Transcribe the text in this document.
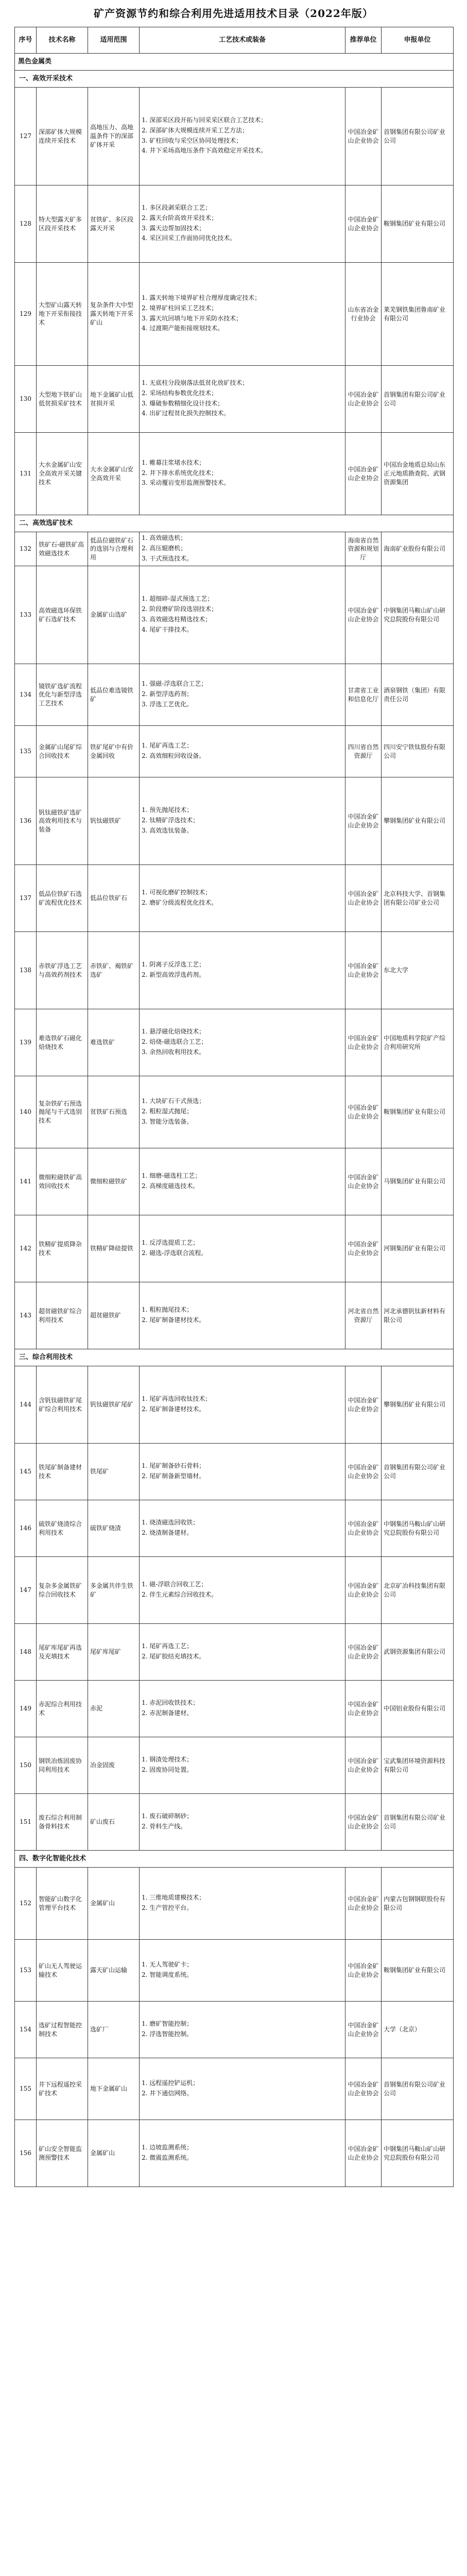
矿产资源节约和综合利用先进适用技术目录（2022年版）
序号	技术名称	适用范围	工艺技术或装备	推荐单位	申报单位
黑色金属类					
一、高效开采技术					
127	深部矿体大规模连续开采技术	高地压力、高地温条件下的深部矿体开采	1. 深部采区段开拓与回采采区联合工艺技术；

2. 深部矿体大规模连续开采工艺方法；

3. 矿柱回收与采空区协同处理技术；

4. 井下采场高地压条件下高效稳定开采技术。	中国冶金矿山企业协会	首钢集团有限公司矿业公司
128	特大型露天矿多区段开采技术	贫铁矿、多区段露天开采	1. 多区段剥采联合工艺；

2. 露天台阶高效开采技术；

3. 露天边帮加固技术；

4. 采区回采工作面协同优化技术。	中国冶金矿山企业协会	鞍钢集团矿业有限公司
129	大型矿山露天转地下开采衔接技术	复杂条件大中型露天转地下开采矿山	1. 露天转地下境界矿柱合理厚度确定技术；

2. 境界矿柱回采工艺技术；

3. 露天坑回填与地下开采防水技术；

4. 过渡期产能衔接规划技术。	山东省冶金行业协会	莱芜钢铁集团鲁南矿业有限公司
130	大型地下铁矿山低贫损采矿技术	地下金属矿山低贫损开采	1. 无底柱分段崩落法低贫化放矿技术；

2. 采场结构参数优化技术；

3. 爆破参数精细化设计技术；

4. 出矿过程贫化损失控制技术。	中国冶金矿山企业协会	首钢集团有限公司矿业公司
131	大水金属矿山安全高效开采关键技术	大水金属矿山安全高效开采	1. 帷幕注浆堵水技术；

2. 井下排水系统优化技术；

3. 采动覆岩变形监测预警技术。	中国冶金矿山企业协会	中国冶金地质总局山东正元地质勘查院、武钢资源集团
二、高效选矿技术					
132	铁矿石-磁铁矿高效磁选技术	低品位磁铁矿石的选别与合理利用	1. 高效磁选机；

2. 高压辊磨机；

3. 干式预选技术。	海南省自然资源和规划厅	海南矿业股份有限公司
133	高效磁选环保铁矿石选矿技术	金属矿山选矿	1. 超细碎-湿式预选工艺；

2. 阶段磨矿阶段选别技术；

3. 高效磁选柱精选技术；

4. 尾矿干排技术。	中国冶金矿山企业协会	中钢集团马鞍山矿山研究总院股份有限公司
134	镜铁矿选矿流程优化与新型浮选工艺技术	低品位难选镜铁矿	1. 强磁-浮选联合工艺；

2. 新型浮选药剂；

3. 浮选工艺优化。	甘肃省工业和信息化厅	酒泉钢铁（集团）有限责任公司
135	金属矿山尾矿综合回收技术	铁矿尾矿中有价金属回收	1. 尾矿再选工艺；

2. 高效细粒回收设备。	四川省自然资源厅	四川安宁铁钛股份有限公司
136	钒钛磁铁矿选矿高效利用技术与装备	钒钛磁铁矿	1. 预先抛尾技术；

2. 钛精矿浮选技术；

3. 高效选钛装备。	中国冶金矿山企业协会	攀钢集团矿业有限公司
137	低品位铁矿石选矿流程优化技术	低品位铁矿石	1. 可视化磨矿控制技术；

2. 磨矿分级流程优化技术。	中国冶金矿山企业协会	北京科技大学、首钢集团有限公司矿业公司
138	赤铁矿浮选工艺与高效药剂技术	赤铁矿、褐铁矿选矿	1. 阴离子反浮选工艺；

2. 新型高效浮选药剂。	中国冶金矿山企业协会	东北大学
139	难选铁矿石磁化焙烧技术	难选铁矿	1. 悬浮磁化焙烧技术；

2. 焙烧-磁选联合工艺；

3. 余热回收利用技术。	中国冶金矿山企业协会	中国地质科学院矿产综合利用研究所
140	复杂铁矿石预选抛尾与干式选别技术	贫铁矿石预选	1. 大块矿石干式预选；

2. 粗粒湿式抛尾；

3. 智能分选装备。	中国冶金矿山企业协会	鞍钢集团矿业有限公司
141	微细粒磁铁矿高效回收技术	微细粒磁铁矿	1. 细磨-磁选柱工艺；

2. 高梯度磁选技术。	中国冶金矿山企业协会	马钢集团矿业有限公司
142	铁精矿提质降杂技术	铁精矿降硅提铁	1. 反浮选提质工艺；

2. 磁选-浮选联合流程。	中国冶金矿山企业协会	河钢集团矿业有限公司
143	超贫磁铁矿综合利用技术	超贫磁铁矿	1. 粗粒抛尾技术；

2. 尾矿制备建材技术。	河北省自然资源厅	河北承德钒钛新材料有限公司
三、综合利用技术					
144	含钒钛磁铁矿尾矿综合利用技术	钒钛磁铁矿尾矿	1. 尾矿再选回收钛技术；

2. 尾矿制备建材技术。	中国冶金矿山企业协会	攀钢集团矿业有限公司
145	铁尾矿制备建材技术	铁尾矿	1. 尾矿制备砂石骨料；

2. 尾矿制备新型墙材。	中国冶金矿山企业协会	首钢集团有限公司矿业公司
146	硫铁矿烧渣综合利用技术	硫铁矿烧渣	1. 烧渣磁选回收铁；

2. 烧渣制备建材。	中国冶金矿山企业协会	中钢集团马鞍山矿山研究总院股份有限公司
147	复杂多金属铁矿综合回收技术	多金属共伴生铁矿	1. 磁-浮联合回收工艺；

2. 伴生元素综合回收技术。	中国冶金矿山企业协会	北京矿冶科技集团有限公司
148	尾矿库尾矿再选及充填技术	尾矿库尾矿	1. 尾矿再选工艺；

2. 尾矿胶结充填技术。	中国冶金矿山企业协会	武钢资源集团有限公司
149	赤泥综合利用技术	赤泥	1. 赤泥回收铁技术；

2. 赤泥制备建材。	中国冶金矿山企业协会	中国铝业股份有限公司
150	钢铁冶炼固废协同利用技术	冶金固废	1. 钢渣处理技术；

2. 固废协同处置。	中国冶金矿山企业协会	宝武集团环境资源科技有限公司
151	废石综合利用制备骨料技术	矿山废石	1. 废石破碎制砂；

2. 骨料生产线。	中国冶金矿山企业协会	首钢集团有限公司矿业公司
四、数字化智能化技术					
152	智能矿山数字化管理平台技术	金属矿山	1. 三维地质建模技术；

2. 生产管控平台。	中国冶金矿山企业协会	内蒙古包钢钢联股份有限公司
153	矿山无人驾驶运输技术	露天矿山运输	1. 无人驾驶矿卡；

2. 智能调度系统。	中国冶金矿山企业协会	鞍钢集团矿业有限公司
154	选矿过程智能控制技术	选矿厂	1. 磨矿智能控制；

2. 浮选智能控制。	中国冶金矿山企业协会	大学（北京）
155	井下远程遥控采矿技术	地下金属矿山	1. 远程遥控铲运机；

2. 井下通信网络。	中国冶金矿山企业协会	首钢集团有限公司矿业公司
156	矿山安全智能监测预警技术	金属矿山	1. 边坡监测系统；

2. 微震监测系统。	中国冶金矿山企业协会	中钢集团马鞍山矿山研究总院股份有限公司
